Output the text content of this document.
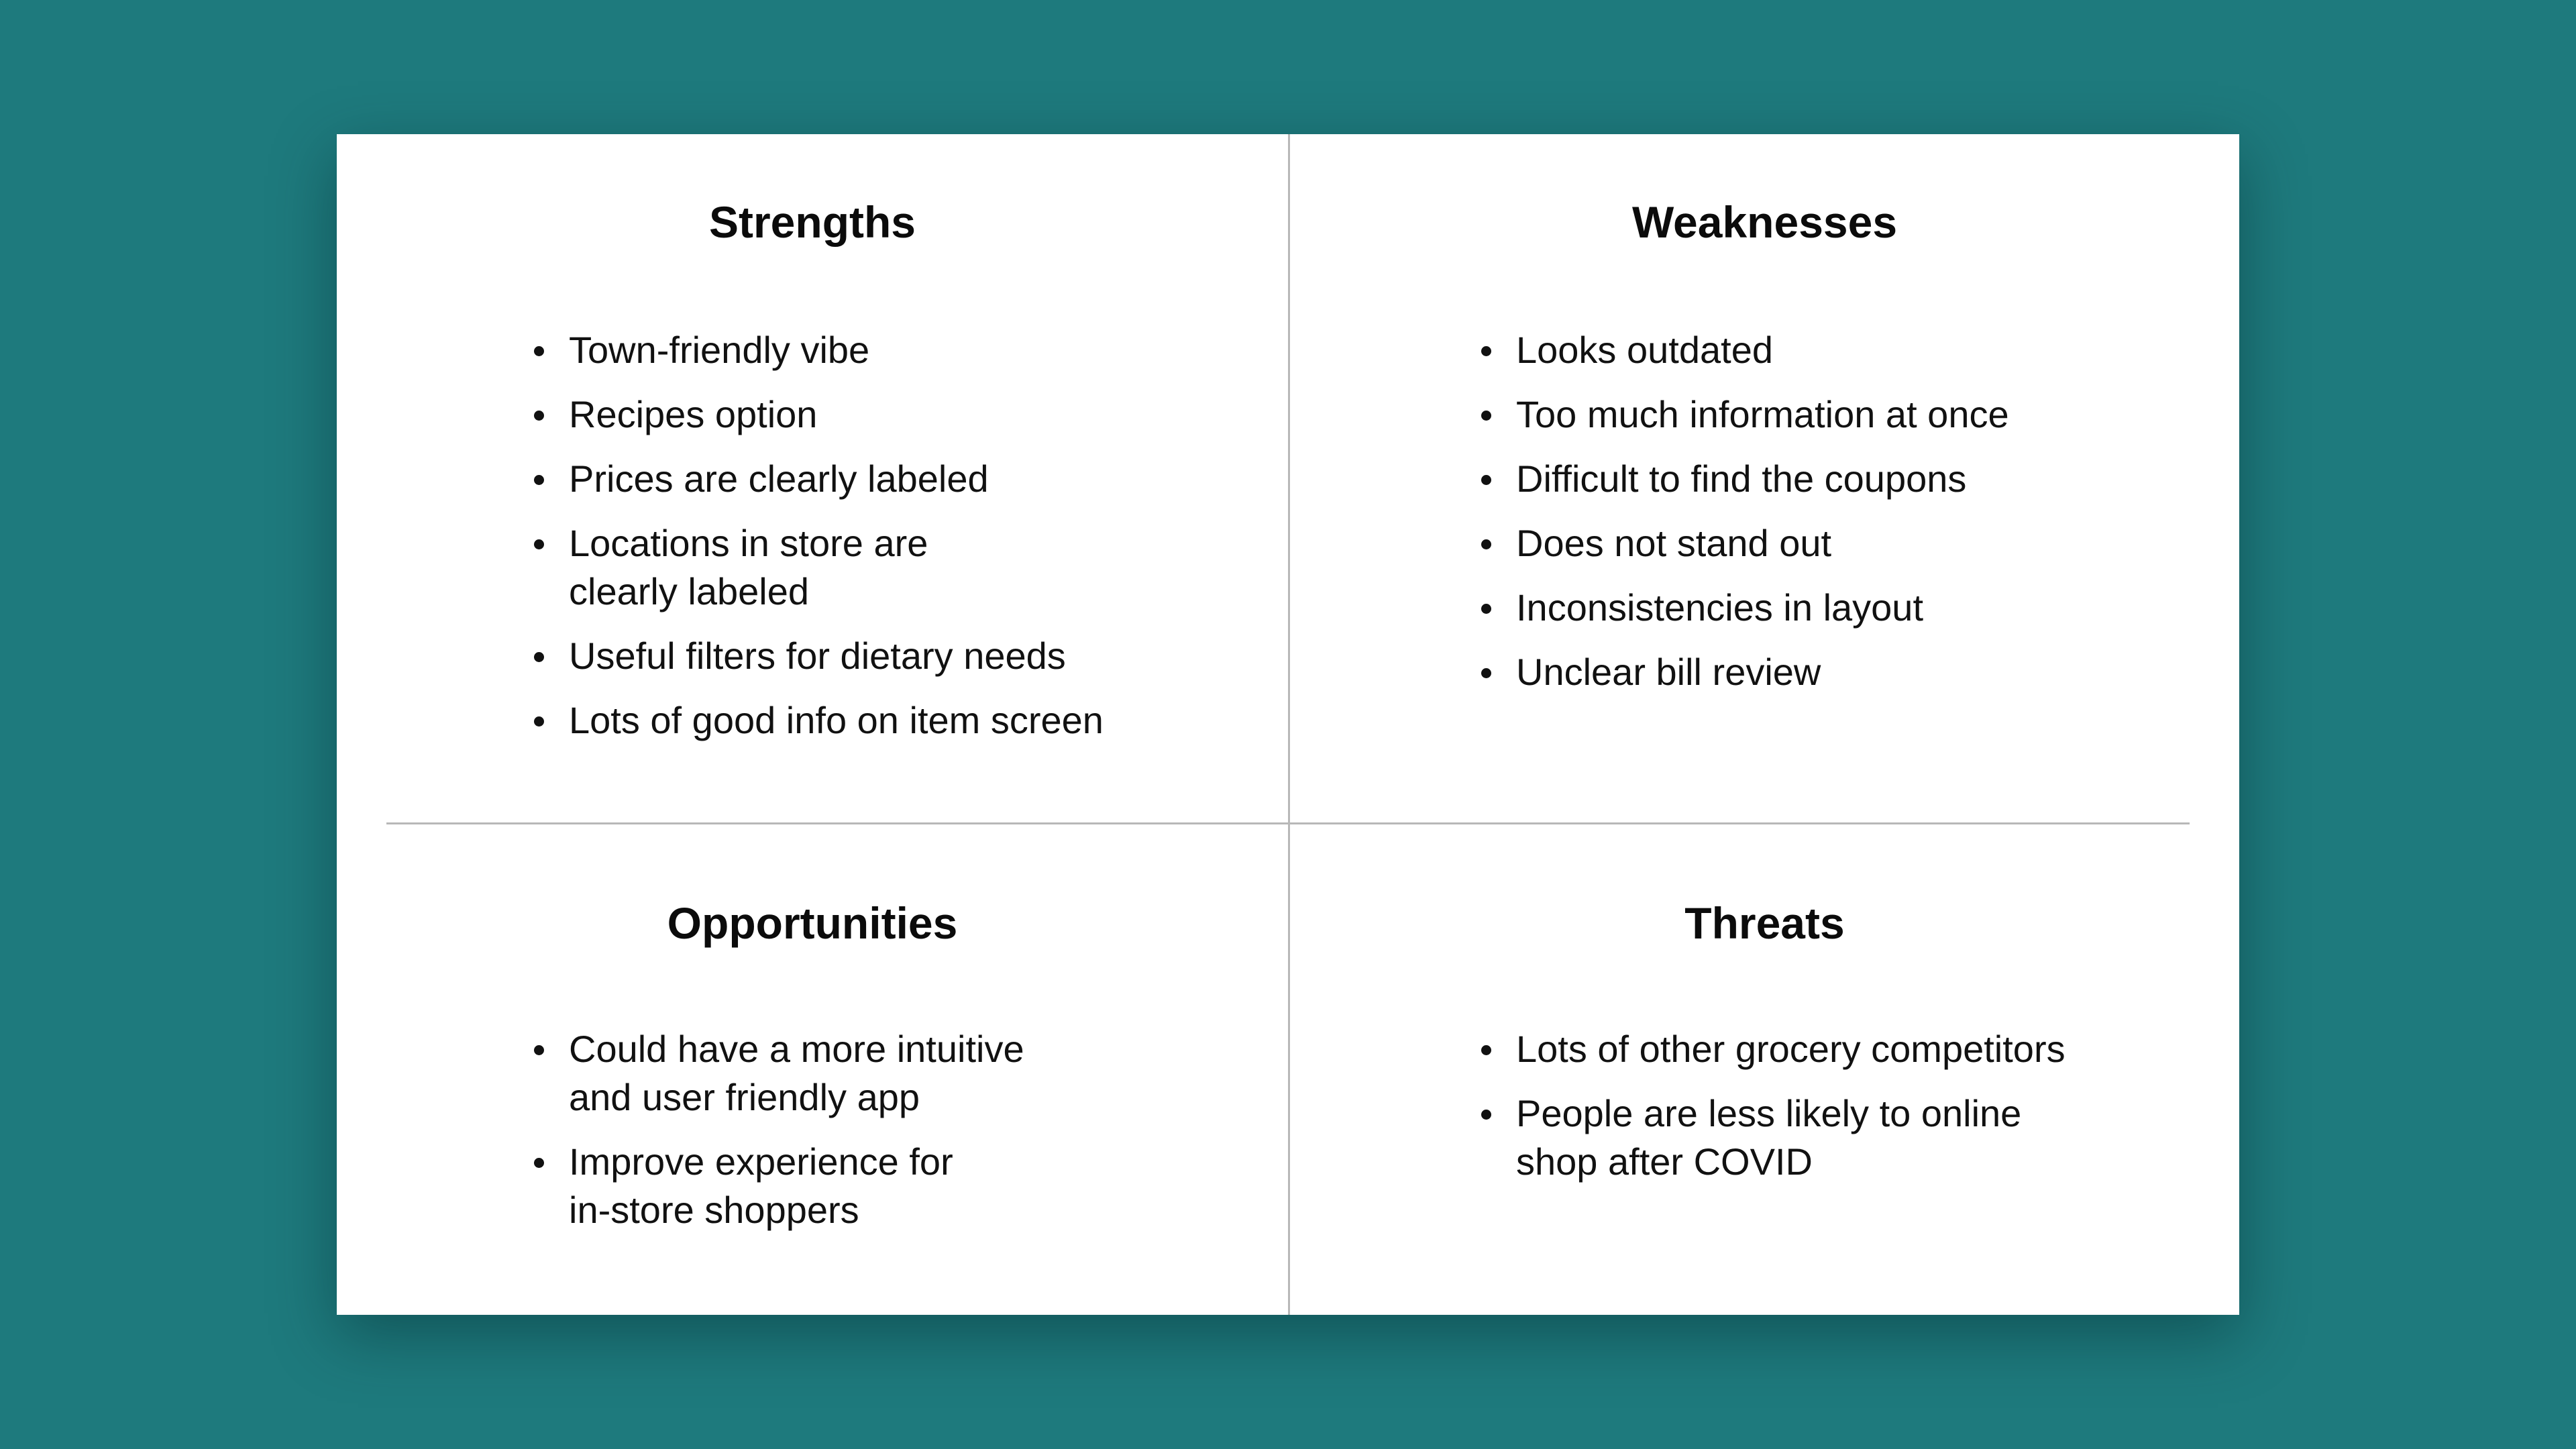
Strengths
Town-friendly vibe
Recipes option
Prices are clearly labeled
Locations in store are
clearly labeled
Useful filters for dietary needs
Lots of good info on item screen
Weaknesses
Looks outdated
Too much information at once
Difficult to find the coupons
Does not stand out
Inconsistencies in layout
Unclear bill review
Opportunities
Could have a more intuitive
and user friendly app
Improve experience for
in-store shoppers
Threats
Lots of other grocery competitors
People are less likely to online
shop after COVID
